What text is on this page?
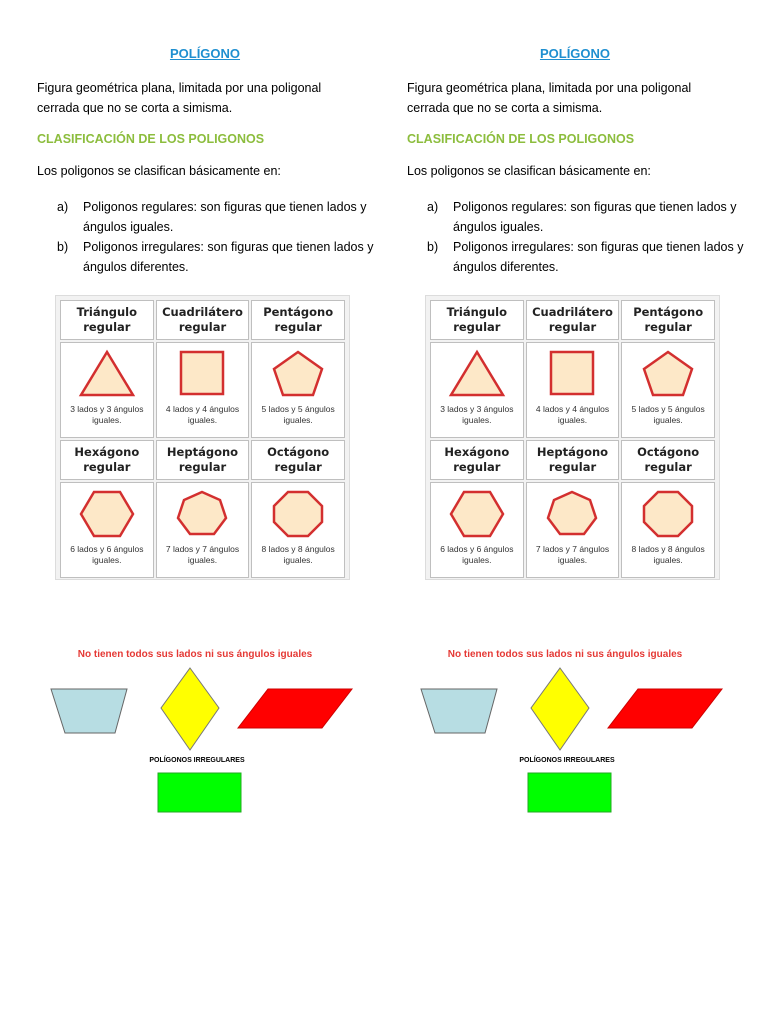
POLÍGONO
Figura geométrica plana, limitada por una poligonal cerrada que no se corta a simisma.
CLASIFICACIÓN DE LOS POLIGONOS
Los poligonos se clasifican básicamente en:
a) Poligonos regulares: son figuras que tienen lados y ángulos iguales.
b) Poligonos irregulares: son figuras que tienen lados y ángulos diferentes.
Triángulo regular
Cuadrilátero regular
Pentágono regular
3 lados y 3 ángulos iguales.
4 lados y 4 ángulos iguales.
5 lados y 5 ángulos iguales.
Hexágono regular
Heptágono regular
Octágono regular
6 lados y 6 ángulos iguales.
7 lados y 7 ángulos iguales.
8 lados y 8 ángulos iguales.
No tienen todos sus lados ni sus ángulos iguales
POLÍGONOS IRREGULARES
POLÍGONO
Figura geométrica plana, limitada por una poligonal cerrada que no se corta a simisma.
CLASIFICACIÓN DE LOS POLIGONOS
Los poligonos se clasifican básicamente en:
a) Poligonos regulares: son figuras que tienen lados y ángulos iguales.
b) Poligonos irregulares: son figuras que tienen lados y ángulos diferentes.
Triángulo regular
Cuadrilátero regular
Pentágono regular
3 lados y 3 ángulos iguales.
4 lados y 4 ángulos iguales.
5 lados y 5 ángulos iguales.
Hexágono regular
Heptágono regular
Octágono regular
6 lados y 6 ángulos iguales.
7 lados y 7 ángulos iguales.
8 lados y 8 ángulos iguales.
No tienen todos sus lados ni sus ángulos iguales
POLÍGONOS IRREGULARES
